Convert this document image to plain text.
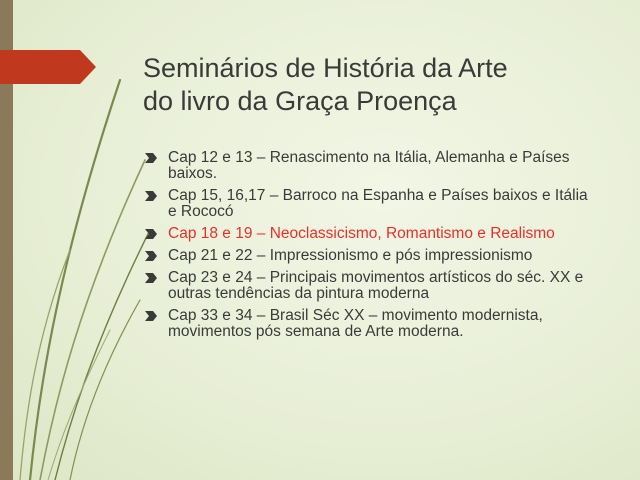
Seminários de História da Arte
do livro da Graça Proença
Cap 12 e 13 – Renascimento na Itália, Alemanha e Países baixos.
Cap 15, 16,17 – Barroco na Espanha e Países baixos e Itália e Rococó
Cap 18 e 19 – Neoclassicismo, Romantismo e Realismo
Cap 21 e 22 – Impressionismo e pós impressionismo
Cap 23 e 24 – Principais movimentos artísticos do séc. XX e outras tendências da pintura moderna
Cap 33 e 34 – Brasil Séc XX – movimento modernista, movimentos pós semana de Arte moderna.
